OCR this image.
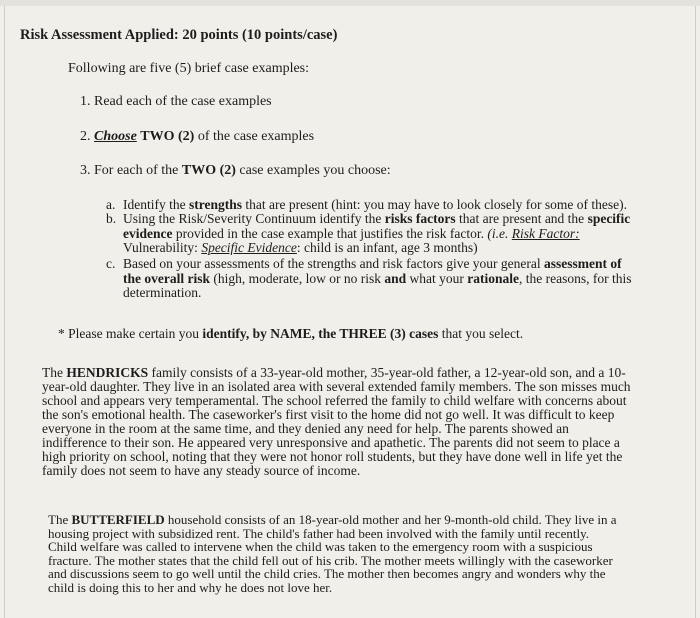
Risk Assessment Applied: 20 points (10 points/case)
Following are five (5) brief case examples:
1. Read each of the case examples
2. Choose TWO (2) of the case examples
3. For each of the TWO (2) case examples you choose:
a. Identify the strengths that are present (hint: you may have to look closely for some of these).
b. Using the Risk/Severity Continuum identify the risks factors that are present and the specific
evidence provided in the case example that justifies the risk factor. (i.e. Risk Factor:
Vulnerability: Specific Evidence: child is an infant, age 3 months)
c. Based on your assessments of the strengths and risk factors give your general assessment of
the overall risk (high, moderate, low or no risk and what your rationale, the reasons, for this
determination.
* Please make certain you identify, by NAME, the THREE (3) cases that you select.
The HENDRICKS family consists of a 33-year-old mother, 35-year-old father, a 12-year-old son, and a 10-
year-old daughter. They live in an isolated area with several extended family members. The son misses much
school and appears very temperamental. The school referred the family to child welfare with concerns about
the son's emotional health. The caseworker's first visit to the home did not go well. It was difficult to keep
everyone in the room at the same time, and they denied any need for help. The parents showed an
indifference to their son. He appeared very unresponsive and apathetic. The parents did not seem to place a
high priority on school, noting that they were not honor roll students, but they have done well in life yet the
family does not seem to have any steady source of income.
The BUTTERFIELD household consists of an 18-year-old mother and her 9-month-old child. They live in a
housing project with subsidized rent. The child's father had been involved with the family until recently.
Child welfare was called to intervene when the child was taken to the emergency room with a suspicious
fracture. The mother states that the child fell out of his crib. The mother meets willingly with the caseworker
and discussions seem to go well until the child cries. The mother then becomes angry and wonders why the
child is doing this to her and why he does not love her.
